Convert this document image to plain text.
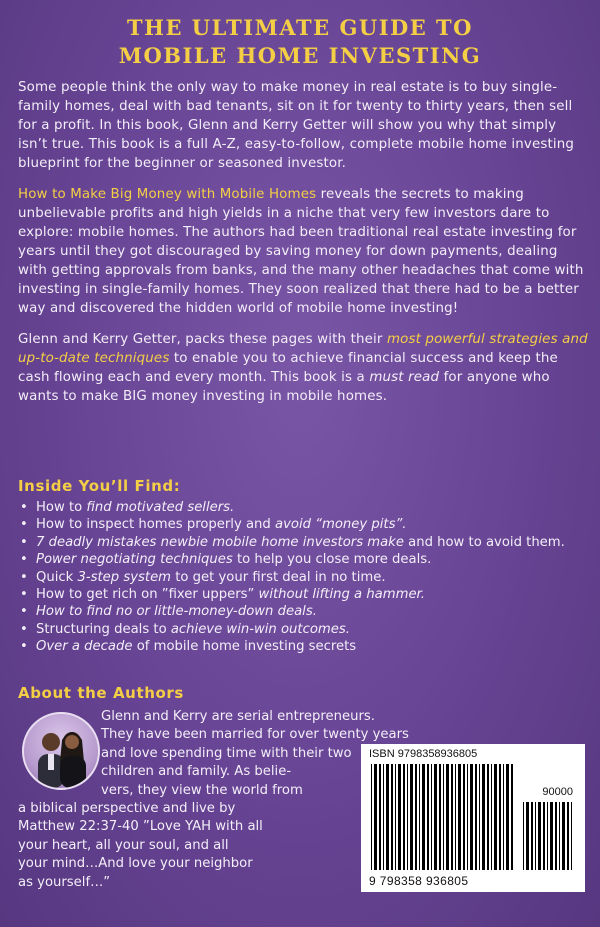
THE ULTIMATE GUIDE TO
MOBILE HOME INVESTING

Some people think the only way to make money in real estate is to buy single-family homes, deal with bad tenants, sit on it for twenty to thirty years, then sell for a profit. In this book, Glenn and Kerry Getter will show you why that simply isn’t true. This book is a full A-Z, easy-to-follow, complete mobile home investing blueprint for the beginner or seasoned investor.

How to Make Big Money with Mobile Homes reveals the secrets to making unbelievable profits and high yields in a niche that very few investors dare to explore: mobile homes. The authors had been traditional real estate investing for years until they got discouraged by saving money for down payments, dealing with getting approvals from banks, and the many other headaches that come with investing in single-family homes. They soon realized that there had to be a better way and discovered the hidden world of mobile home investing!

Glenn and Kerry Getter, packs these pages with their most powerful strategies and up-to-date techniques to enable you to achieve financial success and keep the cash flowing each and every month. This book is a must read for anyone who wants to make BIG money investing in mobile homes.

Inside You’ll Find:
• How to find motivated sellers.
• How to inspect homes properly and avoid “money pits”.
• 7 deadly mistakes newbie mobile home investors make and how to avoid them.
• Power negotiating techniques to help you close more deals.
• Quick 3-step system to get your first deal in no time.
• How to get rich on ”fixer uppers” without lifting a hammer.
• How to find no or little-money-down deals.
• Structuring deals to achieve win-win outcomes.
• Over a decade of mobile home investing secrets
About the Authors
Glenn and Kerry are serial entrepreneurs.
They have been married for over twenty years
and love spending time with their two
children and family. As belie-
vers, they view the world from
a biblical perspective and live by
Matthew 22:37-40 ”Love YAH with all
your heart, all your soul, and all
your mind…And love your neighbor
as yourself…”
ISBN 9798358936805
90000
9 798358 936805
